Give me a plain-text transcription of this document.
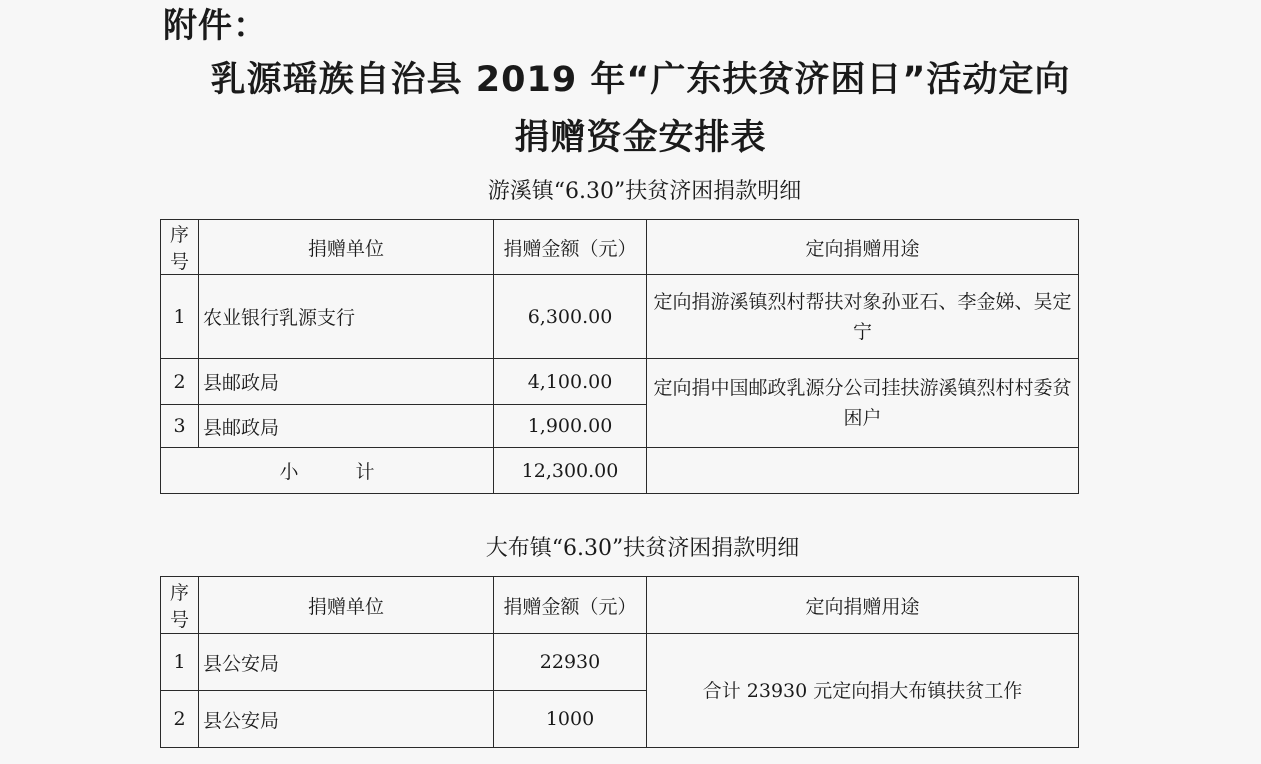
附件：
乳源瑶族自治县 2019 年“广东扶贫济困日”活动定向
捐赠资金安排表
游溪镇“6.30”扶贫济困捐款明细
序号	捐赠单位	捐赠金额（元）	定向捐赠用途
1	农业银行乳源支行	6,300.00	定向捐游溪镇烈村帮扶对象孙亚石、李金娣、吴定宁
2	县邮政局	4,100.00	定向捐中国邮政乳源分公司挂扶游溪镇烈村村委贫困户
3	县邮政局	1,900.00	
小　　　计		12,300.00	
大布镇“6.30”扶贫济困捐款明细
序号	捐赠单位	捐赠金额（元）	定向捐赠用途
1	县公安局	22930	合计 23930 元定向捐大布镇扶贫工作
2	县公安局	1000	
